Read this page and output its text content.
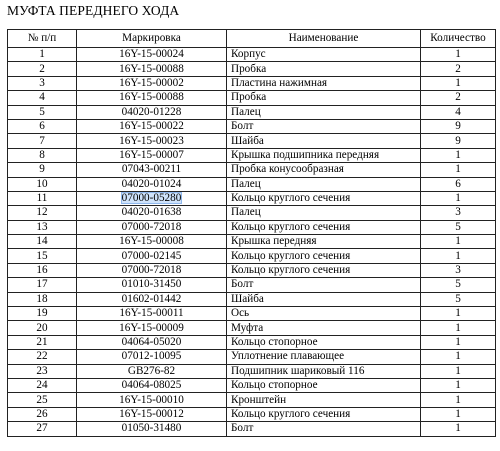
МУФТА ПЕРЕДНЕГО ХОДА
№ п/п	Маркировка	Наименование	Количество
1	16Y-15-00024	Корпус	1
2	16Y-15-00088	Пробка	2
3	16Y-15-00002	Пластина нажимная	1
4	16Y-15-00088	Пробка	2
5	04020-01228	Палец	4
6	16Y-15-00022	Болт	9
7	16Y-15-00023	Шайба	9
8	16Y-15-00007	Крышка подшипника передняя	1
9	07043-00211	Пробка конусообразная	1
10	04020-01024	Палец	6
11	07000-05280	Кольцо круглого сечения	1
12	04020-01638	Палец	3
13	07000-72018	Кольцо круглого сечения	5
14	16Y-15-00008	Крышка передняя	1
15	07000-02145	Кольцо круглого сечения	1
16	07000-72018	Кольцо круглого сечения	3
17	01010-31450	Болт	5
18	01602-01442	Шайба	5
19	16Y-15-00011	Ось	1
20	16Y-15-00009	Муфта	1
21	04064-05020	Кольцо стопорное	1
22	07012-10095	Уплотнение плавающее	1
23	GB276-82	Подшипник шариковый 116	1
24	04064-08025	Кольцо стопорное	1
25	16Y-15-00010	Кронштейн	1
26	16Y-15-00012	Кольцо круглого сечения	1
27	01050-31480	Болт	1
